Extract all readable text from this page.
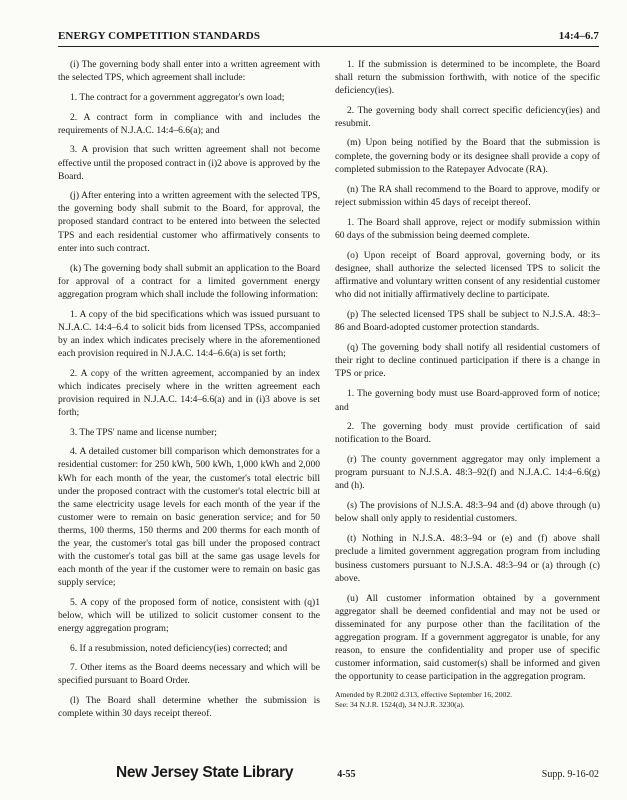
ENERGY COMPETITION STANDARDS	14:4–6.7

(i) The governing body shall enter into a written agreement with the selected TPS, which agreement shall include:

1. The contract for a government aggregator's own load;

2. A contract form in compliance with and includes the requirements of N.J.A.C. 14:4–6.6(a); and

3. A provision that such written agreement shall not become effective until the proposed contract in (i)2 above is approved by the Board.

(j) After entering into a written agreement with the selected TPS, the governing body shall submit to the Board, for approval, the proposed standard contract to be entered into between the selected TPS and each residential customer who affirmatively consents to enter into such contract.

(k) The governing body shall submit an application to the Board for approval of a contract for a limited government energy aggregation program which shall include the following information:

1. A copy of the bid specifications which was issued pursuant to N.J.A.C. 14:4–6.4 to solicit bids from licensed TPSs, accompanied by an index which indicates precisely where in the aforementioned each provision required in N.J.A.C. 14:4–6.6(a) is set forth;

2. A copy of the written agreement, accompanied by an index which indicates precisely where in the written agreement each provision required in N.J.A.C. 14:4–6.6(a) and in (i)3 above is set forth;

3. The TPS' name and license number;

4. A detailed customer bill comparison which demonstrates for a residential customer: for 250 kWh, 500 kWh, 1,000 kWh and 2,000 kWh for each month of the year, the customer's total electric bill under the proposed contract with the customer's total electric bill at the same electricity usage levels for each month of the year if the customer were to remain on basic generation service; and for 50 therms, 100 therms, 150 therms and 200 therms for each month of the year, the customer's total gas bill under the proposed contract with the customer's total gas bill at the same gas usage levels for each month of the year if the customer were to remain on basic gas supply service;

5. A copy of the proposed form of notice, consistent with (q)1 below, which will be utilized to solicit customer consent to the energy aggregation program;

6. If a resubmission, noted deficiency(ies) corrected; and

7. Other items as the Board deems necessary and which will be specified pursuant to Board Order.

(l) The Board shall determine whether the submission is complete within 30 days receipt thereof.

1. If the submission is determined to be incomplete, the Board shall return the submission forthwith, with notice of the specific deficiency(ies).

2. The governing body shall correct specific deficiency(ies) and resubmit.

(m) Upon being notified by the Board that the submission is complete, the governing body or its designee shall provide a copy of completed submission to the Ratepayer Advocate (RA).

(n) The RA shall recommend to the Board to approve, modify or reject submission within 45 days of receipt thereof.

1. The Board shall approve, reject or modify submission within 60 days of the submission being deemed complete.

(o) Upon receipt of Board approval, governing body, or its designee, shall authorize the selected licensed TPS to solicit the affirmative and voluntary written consent of any residential customer who did not initially affirmatively decline to participate.

(p) The selected licensed TPS shall be subject to N.J.S.A. 48:3–86 and Board-adopted customer protection standards.

(q) The governing body shall notify all residential customers of their right to decline continued participation if there is a change in TPS or price.

1. The governing body must use Board-approved form of notice; and

2. The governing body must provide certification of said notification to the Board.

(r) The county government aggregator may only implement a program pursuant to N.J.S.A. 48:3–92(f) and N.J.A.C. 14:4–6.6(g) and (h).

(s) The provisions of N.J.S.A. 48:3–94 and (d) above through (u) below shall only apply to residential customers.

(t) Nothing in N.J.S.A. 48:3–94 or (e) and (f) above shall preclude a limited government aggregation program from including business customers pursuant to N.J.S.A. 48:3–94 or (a) through (c) above.

(u) All customer information obtained by a government aggregator shall be deemed confidential and may not be used or disseminated for any purpose other than the facilitation of the aggregation program. If a government aggregator is unable, for any reason, to ensure the confidentiality and proper use of specific customer information, said customer(s) shall be informed and given the opportunity to cease participation in the aggregation program.

Amended by R.2002 d.313, effective September 16, 2002.
See: 34 N.J.R. 1524(d), 34 N.J.R. 3230(a).

New Jersey State Library	4-55	Supp. 9-16-02
